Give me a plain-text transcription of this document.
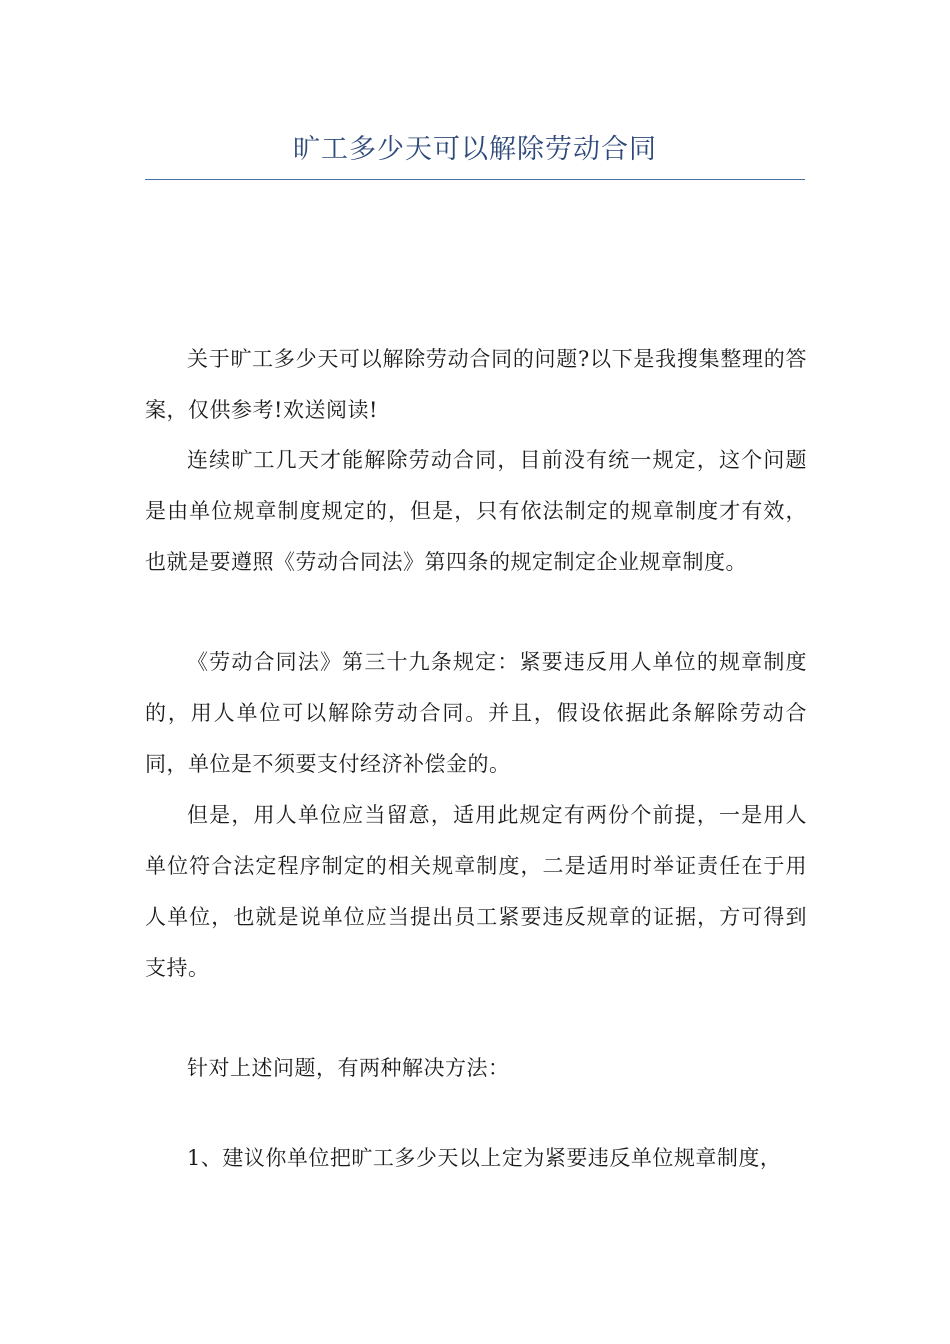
旷工多少天可以解除劳动合同

关于旷工多少天可以解除劳动合同的问题?以下是我搜集整理的答案，仅供参考!欢送阅读!

连续旷工几天才能解除劳动合同，目前没有统一规定，这个问题是由单位规章制度规定的，但是，只有依法制定的规章制度才有效，也就是要遵照《劳动合同法》第四条的规定制定企业规章制度。

《劳动合同法》第三十九条规定：紧要违反用人单位的规章制度的，用人单位可以解除劳动合同。并且，假设依据此条解除劳动合同，单位是不须要支付经济补偿金的。

但是，用人单位应当留意，适用此规定有两份个前提，一是用人单位符合法定程序制定的相关规章制度，二是适用时举证责任在于用人单位，也就是说单位应当提出员工紧要违反规章的证据，方可得到支持。

针对上述问题，有两种解决方法：

1、建议你单位把旷工多少天以上定为紧要违反单位规章制度，
